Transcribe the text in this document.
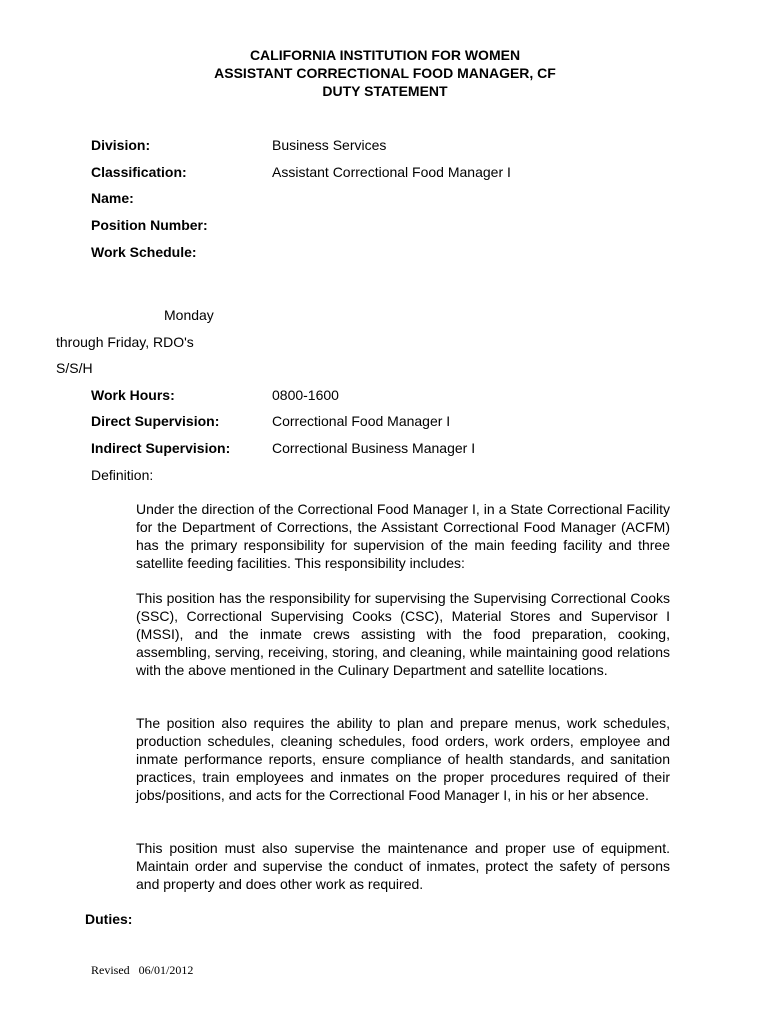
CALIFORNIA INSTITUTION FOR WOMEN
ASSISTANT CORRECTIONAL FOOD MANAGER, CF
DUTY STATEMENT
Division:	Business Services
Classification:	Assistant Correctional Food Manager I
Name:
Position Number:
Work Schedule:
Monday
through Friday, RDO's
S/S/H
Work Hours:	0800-1600
Direct Supervision:	Correctional Food Manager I
Indirect Supervision:	Correctional Business Manager I
Definition:

Under the direction of the Correctional Food Manager I, in a State Correctional Facility for the Department of Corrections, the Assistant Correctional Food Manager (ACFM) has the primary responsibility for supervision of the main feeding facility and three satellite feeding facilities. This responsibility includes:

This position has the responsibility for supervising the Supervising Correctional Cooks (SSC), Correctional Supervising Cooks (CSC), Material Stores and Supervisor I (MSSI), and the inmate crews assisting with the food preparation, cooking, assembling, serving, receiving, storing, and cleaning, while maintaining good relations with the above mentioned in the Culinary Department and satellite locations.

The position also requires the ability to plan and prepare menus, work schedules, production schedules, cleaning schedules, food orders, work orders, employee and inmate performance reports, ensure compliance of health standards, and sanitation practices, train employees and inmates on the proper procedures required of their jobs/positions, and acts for the Correctional Food Manager I, in his or her absence.

This position must also supervise the maintenance and proper use of equipment. Maintain order and supervise the conduct of inmates, protect the safety of persons and property and does other work as required.

Duties:
Revised   06/01/2012
